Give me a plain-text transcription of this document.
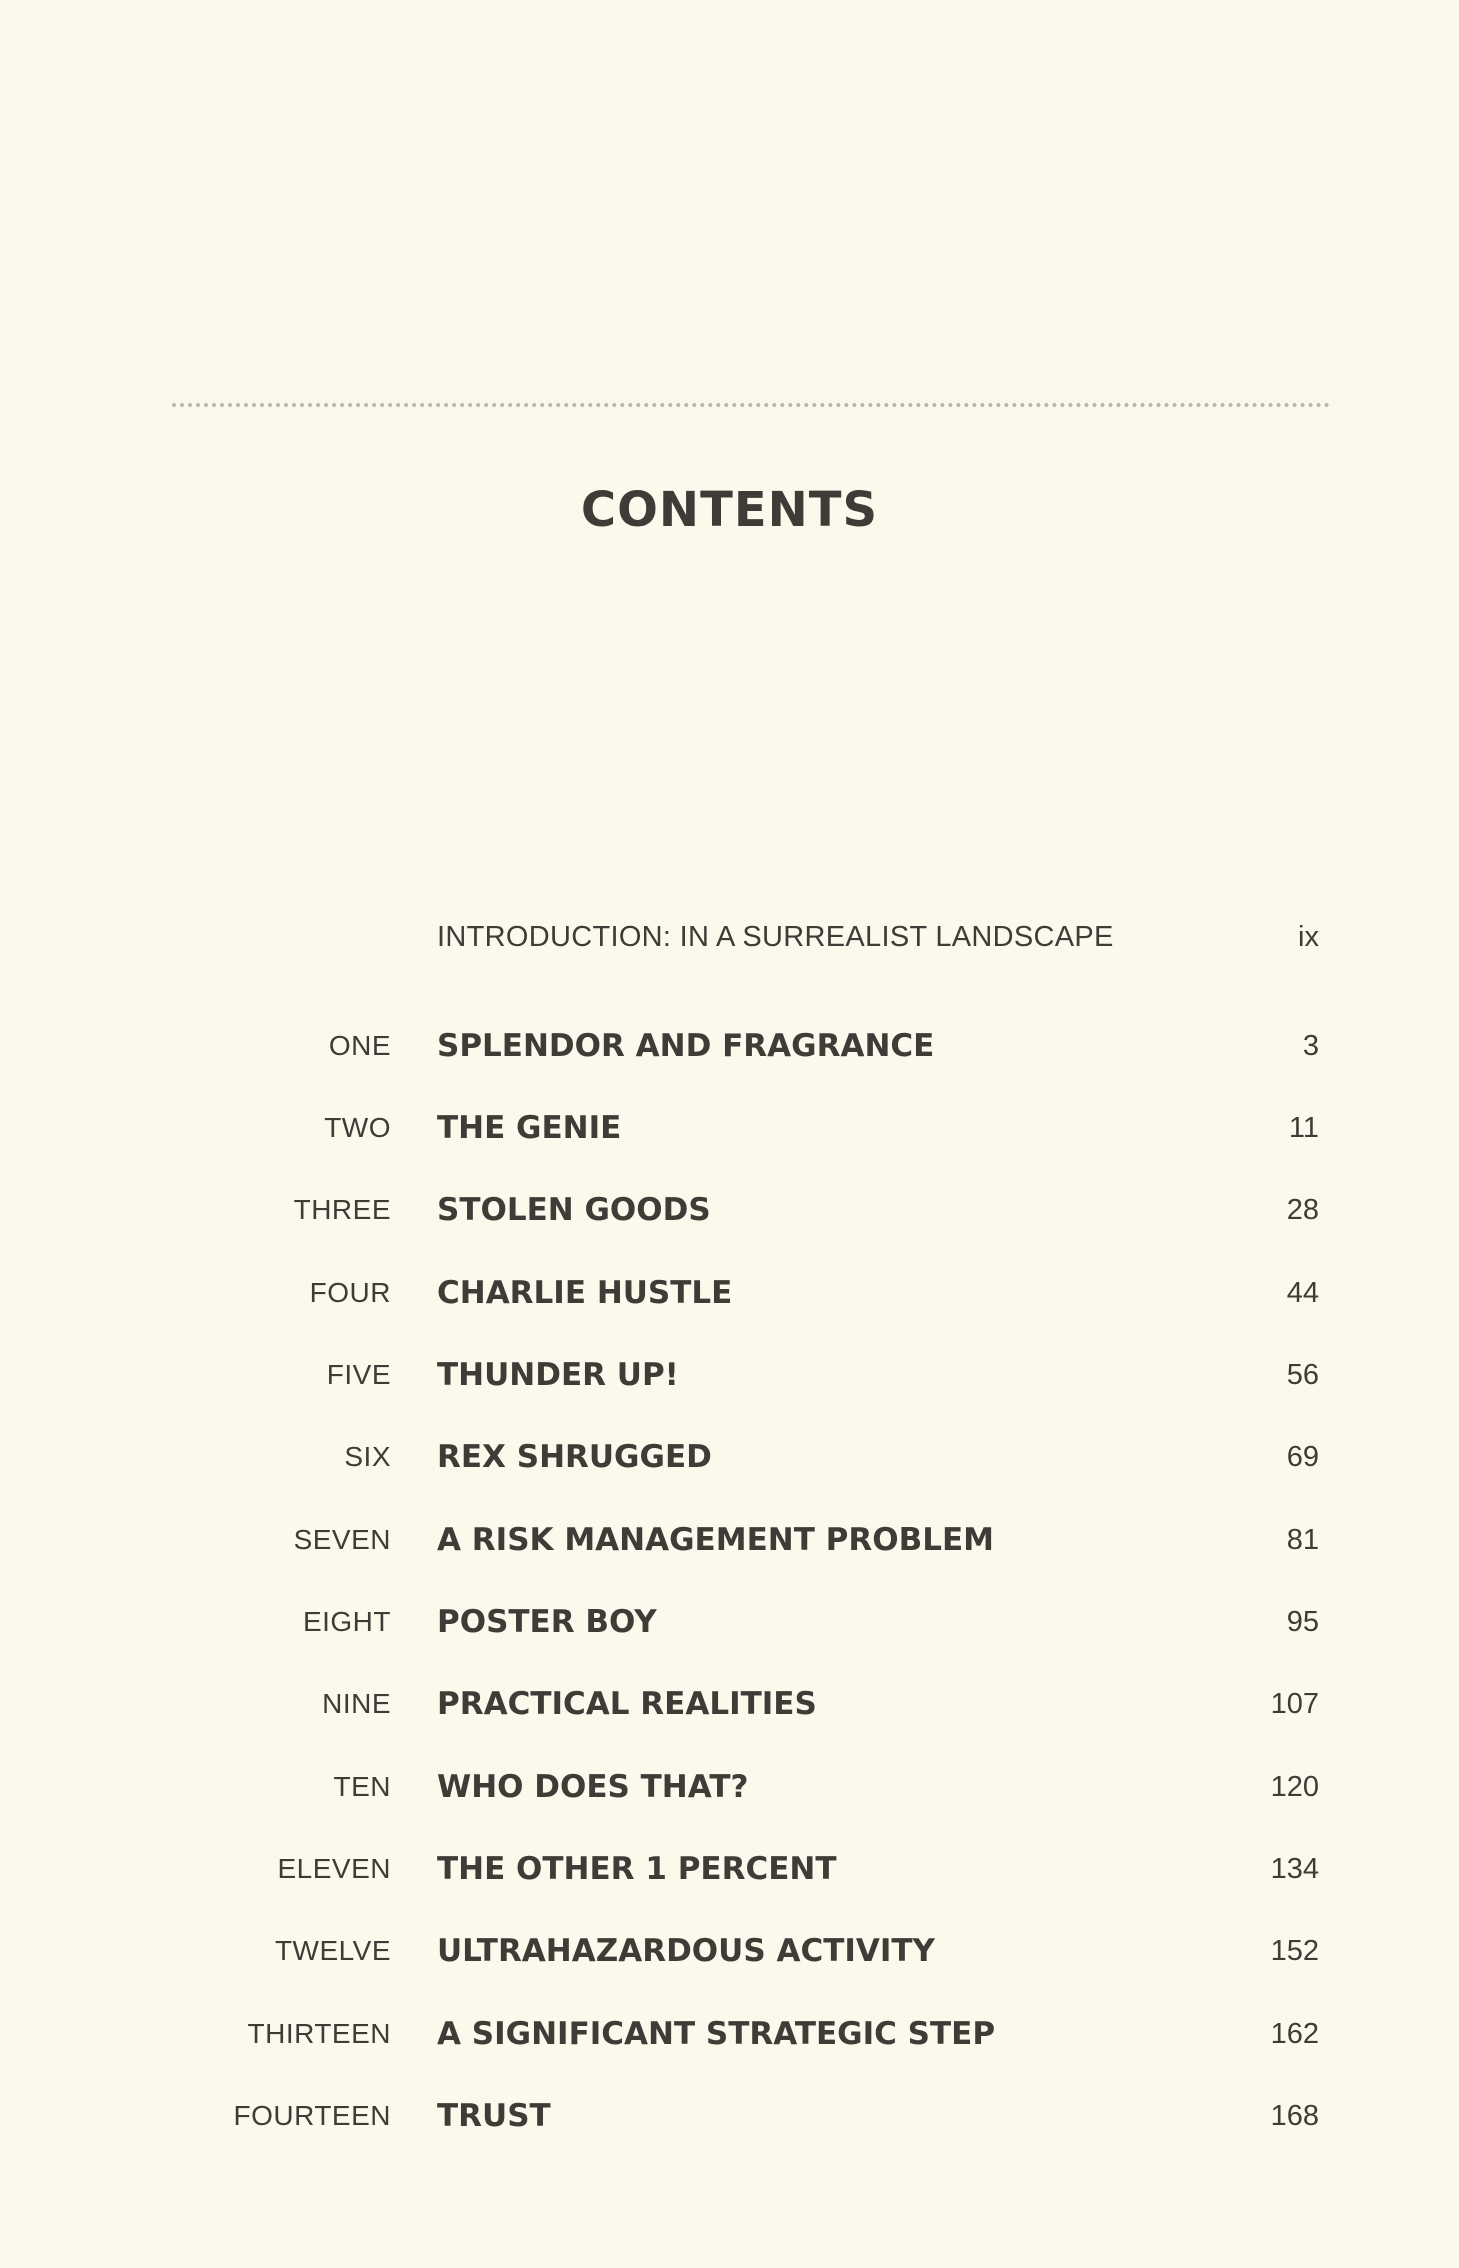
CONTENTS
INTRODUCTION: IN A SURREALIST LANDSCAPE	ix
ONE SPLENDOR AND FRAGRANCE	3
TWO THE GENIE	11
THREE STOLEN GOODS	28
FOUR CHARLIE HUSTLE	44
FIVE THUNDER UP!	56
SIX REX SHRUGGED	69
SEVEN A RISK MANAGEMENT PROBLEM	81
EIGHT POSTER BOY	95
NINE PRACTICAL REALITIES	107
TEN WHO DOES THAT?	120
ELEVEN THE OTHER 1 PERCENT	134
TWELVE ULTRAHAZARDOUS ACTIVITY	152
THIRTEEN A SIGNIFICANT STRATEGIC STEP	162
FOURTEEN TRUST	168
